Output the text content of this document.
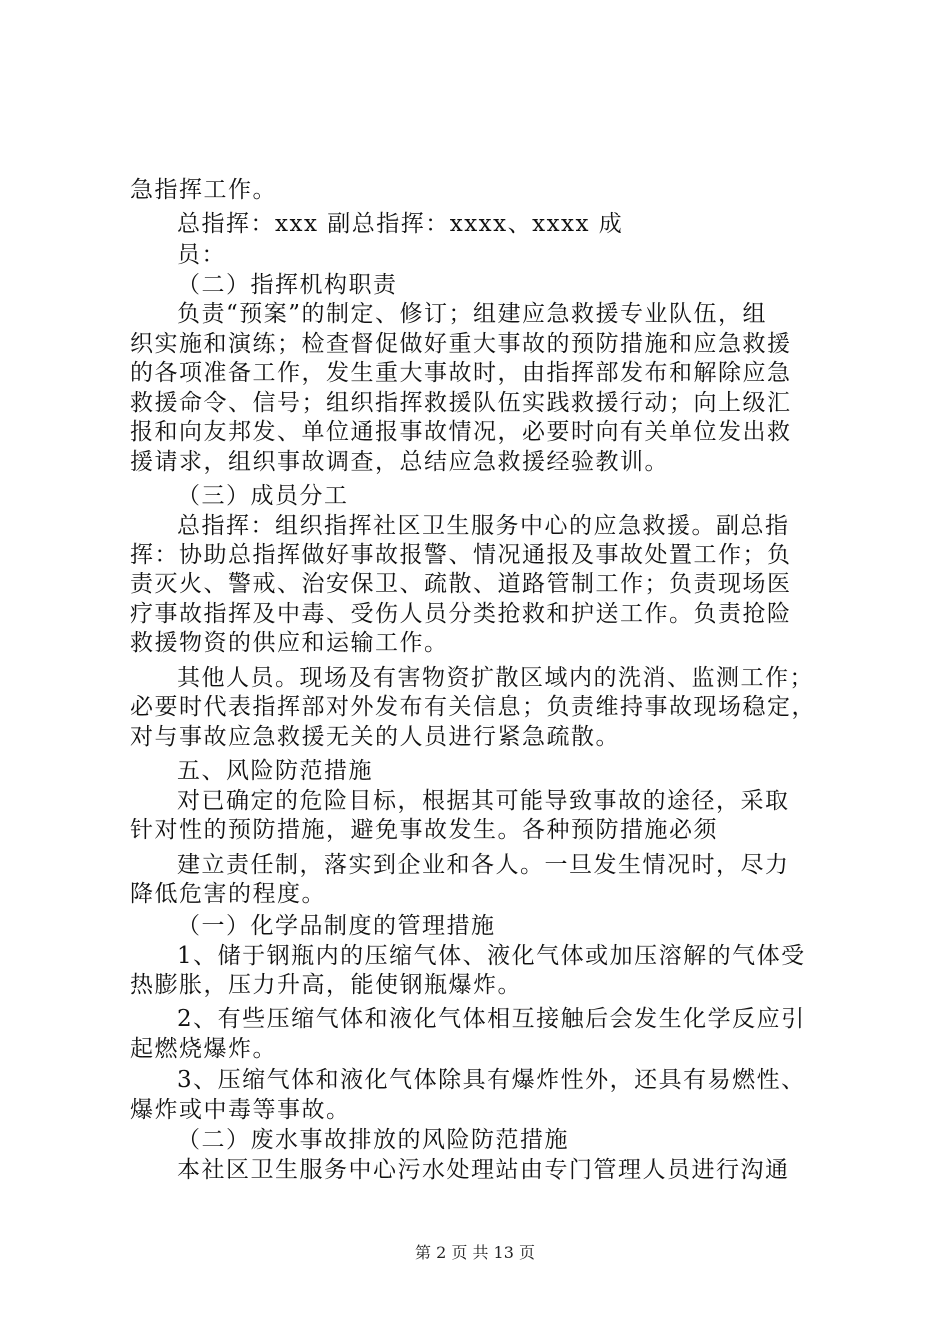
急指挥工作。
总指挥：xxx 副总指挥：xxxx、xxxx 成
员：
（二）指挥机构职责
负责“预案”的制定、修订；组建应急救援专业队伍，组
织实施和演练；检查督促做好重大事故的预防措施和应急救援
的各项准备工作，发生重大事故时，由指挥部发布和解除应急
救援命令、信号；组织指挥救援队伍实践救援行动；向上级汇
报和向友邦发、单位通报事故情况，必要时向有关单位发出救
援请求，组织事故调查，总结应急救援经验教训。
（三）成员分工
总指挥：组织指挥社区卫生服务中心的应急救援。副总指
挥：协助总指挥做好事故报警、情况通报及事故处置工作；负
责灭火、警戒、治安保卫、疏散、道路管制工作；负责现场医
疗事故指挥及中毒、受伤人员分类抢救和护送工作。负责抢险
救援物资的供应和运输工作。
其他人员。现场及有害物资扩散区域内的洗消、监测工作；
必要时代表指挥部对外发布有关信息；负责维持事故现场稳定，
对与事故应急救援无关的人员进行紧急疏散。
五、风险防范措施
对已确定的危险目标，根据其可能导致事故的途径，采取
针对性的预防措施，避免事故发生。各种预防措施必须
建立责任制，落实到企业和各人。一旦发生情况时，尽力
降低危害的程度。
（一）化学品制度的管理措施
1、储于钢瓶内的压缩气体、液化气体或加压溶解的气体受
热膨胀，压力升高，能使钢瓶爆炸。
2、有些压缩气体和液化气体相互接触后会发生化学反应引
起燃烧爆炸。
3、压缩气体和液化气体除具有爆炸性外，还具有易燃性、
爆炸或中毒等事故。
（二）废水事故排放的风险防范措施
本社区卫生服务中心污水处理站由专门管理人员进行沟通
第 2 页 共 13 页
